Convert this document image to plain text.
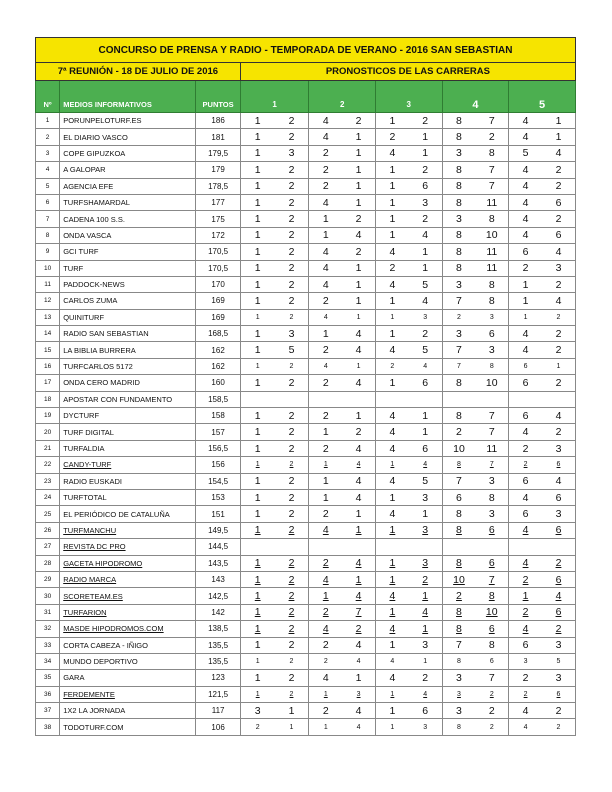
CONCURSO DE PRENSA Y RADIO - TEMPORADA DE VERANO - 2016 SAN SEBASTIAN												
7ª REUNIÓN - 18 DE JULIO DE 2016			PRONOSTICOS DE LAS CARRERAS									
Nº	MEDIOS INFORMATIVOS	PUNTOS	1		2		3		4		5	
1	PORUNPELOTURF.ES	186	1	2	4	2	1	2	8	7	4	1
2	EL DIARIO VASCO	181	1	2	4	1	2	1	8	2	4	1
3	COPE GIPUZKOA	179,5	1	3	2	1	4	1	3	8	5	4
4	A GALOPAR	179	1	2	2	1	1	2	8	7	4	2
5	AGENCIA EFE	178,5	1	2	2	1	1	6	8	7	4	2
6	TURFSHAMARDAL	177	1	2	4	1	1	3	8	11	4	6
7	CADENA 100 S.S.	175	1	2	1	2	1	2	3	8	4	2
8	ONDA VASCA	172	1	2	1	4	1	4	8	10	4	6
9	GCI TURF	170,5	1	2	4	2	4	1	8	11	6	4
10	TURF	170,5	1	2	4	1	2	1	8	11	2	3
11	PADDOCK-NEWS	170	1	2	4	1	4	5	3	8	1	2
12	CARLOS ZUMA	169	1	2	2	1	1	4	7	8	1	4
13	QUINITURF	169	1	2	4	1	1	3	2	3	1	2
14	RADIO SAN SEBASTIAN	168,5	1	3	1	4	1	2	3	6	4	2
15	LA BIBLIA BURRERA	162	1	5	2	4	4	5	7	3	4	2
16	TURFCARLOS 5172	162	1	2	4	1	2	4	7	8	6	1
17	ONDA CERO MADRID	160	1	2	2	4	1	6	8	10	6	2
18	APOSTAR CON FUNDAMENTO	158,5										
19	DYCTURF	158	1	2	2	1	4	1	8	7	6	4
20	TURF DIGITAL	157	1	2	1	2	4	1	2	7	4	2
21	TURFALDIA	156,5	1	2	2	4	4	6	10	11	2	3
22	CANDY-TURF	156	1	2	1	4	1	4	8	7	2	6
23	RADIO EUSKADI	154,5	1	2	1	4	4	5	7	3	6	4
24	TURFTOTAL	153	1	2	1	4	1	3	6	8	4	6
25	EL PERIÓDICO DE CATALUÑA	151	1	2	2	1	4	1	8	3	6	3
26	TURFMANCHU	149,5	1	2	4	1	1	3	8	6	4	6
27	REVISTA DC PRO	144,5										
28	GACETA HIPODROMO	143,5	1	2	2	4	1	3	8	6	4	2
29	RADIO MARCA	143	1	2	4	1	1	2	10	7	2	6
30	SCORETEAM.ES	142,5	1	2	1	4	4	1	2	8	1	4
31	TURFARION	142	1	2	2	7	1	4	8	10	2	6
32	MASDE HIPODROMOS.COM	138,5	1	2	4	2	4	1	8	6	4	2
33	CORTA CABEZA - IÑIGO	135,5	1	2	2	4	1	3	7	8	6	3
34	MUNDO DEPORTIVO	135,5	1	2	2	4	4	1	8	6	3	5
35	GARA	123	1	2	4	1	4	2	3	7	2	3
36	FERDEMENTE	121,5	1	2	1	3	1	4	3	2	2	6
37	1X2 LA JORNADA	117	3	1	2	4	1	6	3	2	4	2
38	TODOTURF.COM	106	2	1	1	4	1	3	8	2	4	2
